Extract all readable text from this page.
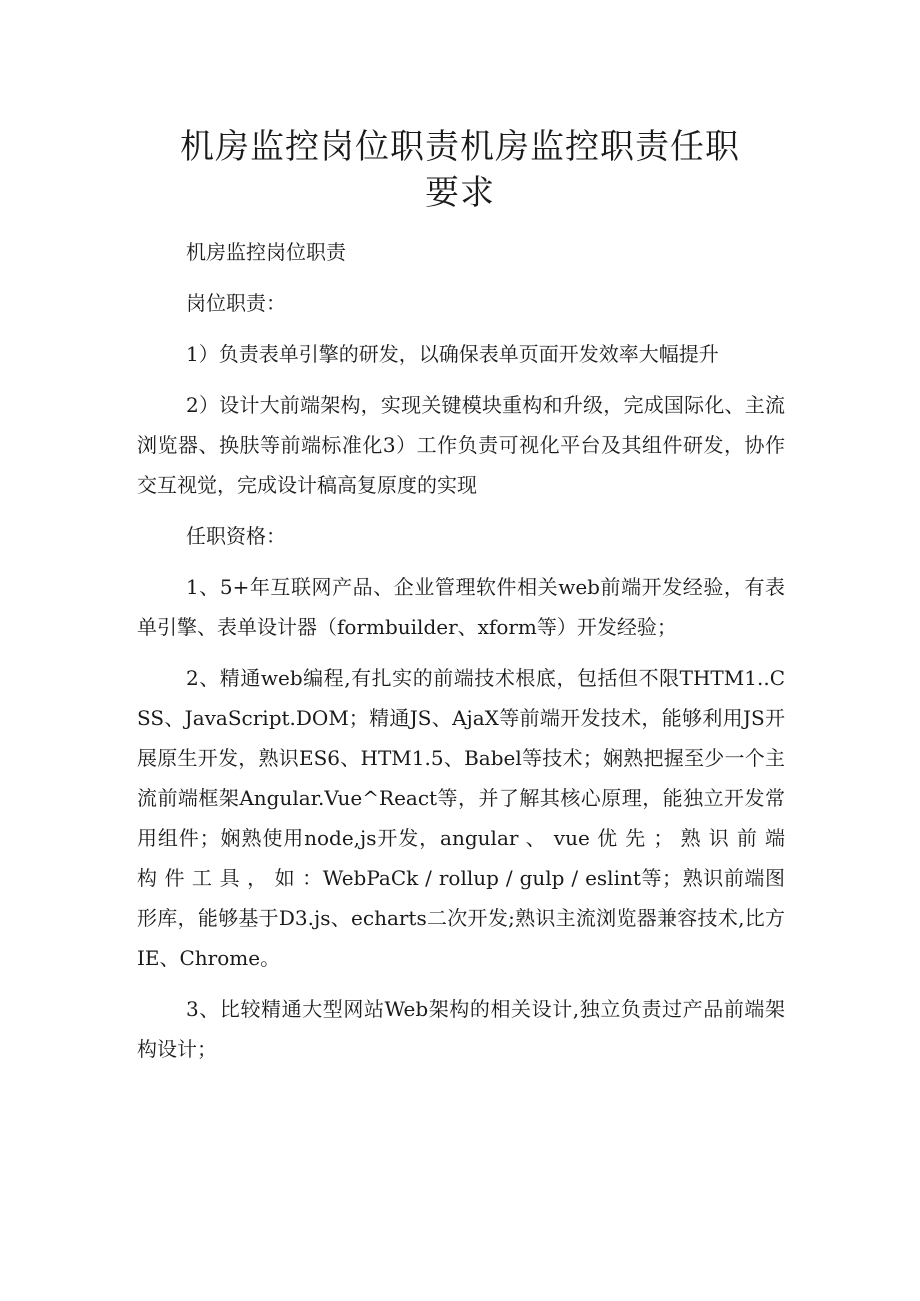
机房监控岗位职责机房监控职责任职
要求

机房监控岗位职责

岗位职责：

1）负责表单引擎的研发，以确保表单页面开发效率大幅提升

2）设计大前端架构，实现关键模块重构和升级，完成国际化、主流浏览器、换肤等前端标准化3）工作负责可视化平台及其组件研发，协作交互视觉，完成设计稿高复原度的实现

任职资格：

1、5+年互联网产品、企业管理软件相关web前端开发经验，有表单引擎、表单设计器（formbuilder、xform等）开发经验；

2、精通web编程,有扎实的前端技术根底，包括但不限THTM1..CSS、JavaScript.DOM；精通JS、AjaX等前端开发技术，能够利用JS开展原生开发，熟识ES6、HTM1.5、Babel等技术；娴熟把握至少一个主流前端框架Angular.Vue^React等，并了解其核心原理，能独立开发常用组件；娴熟使用node,js开发，angular 、 vue 优 先 ； 熟 识 前 端 构 件 工 具 ， 如 ：WebPaCk / rollup / gulp / eslint等；熟识前端图形库，能够基于D3.js、echarts二次开发;熟识主流浏览器兼容技术,比方IE、Chrome。

3、比较精通大型网站Web架构的相关设计,独立负责过产品前端架构设计；
